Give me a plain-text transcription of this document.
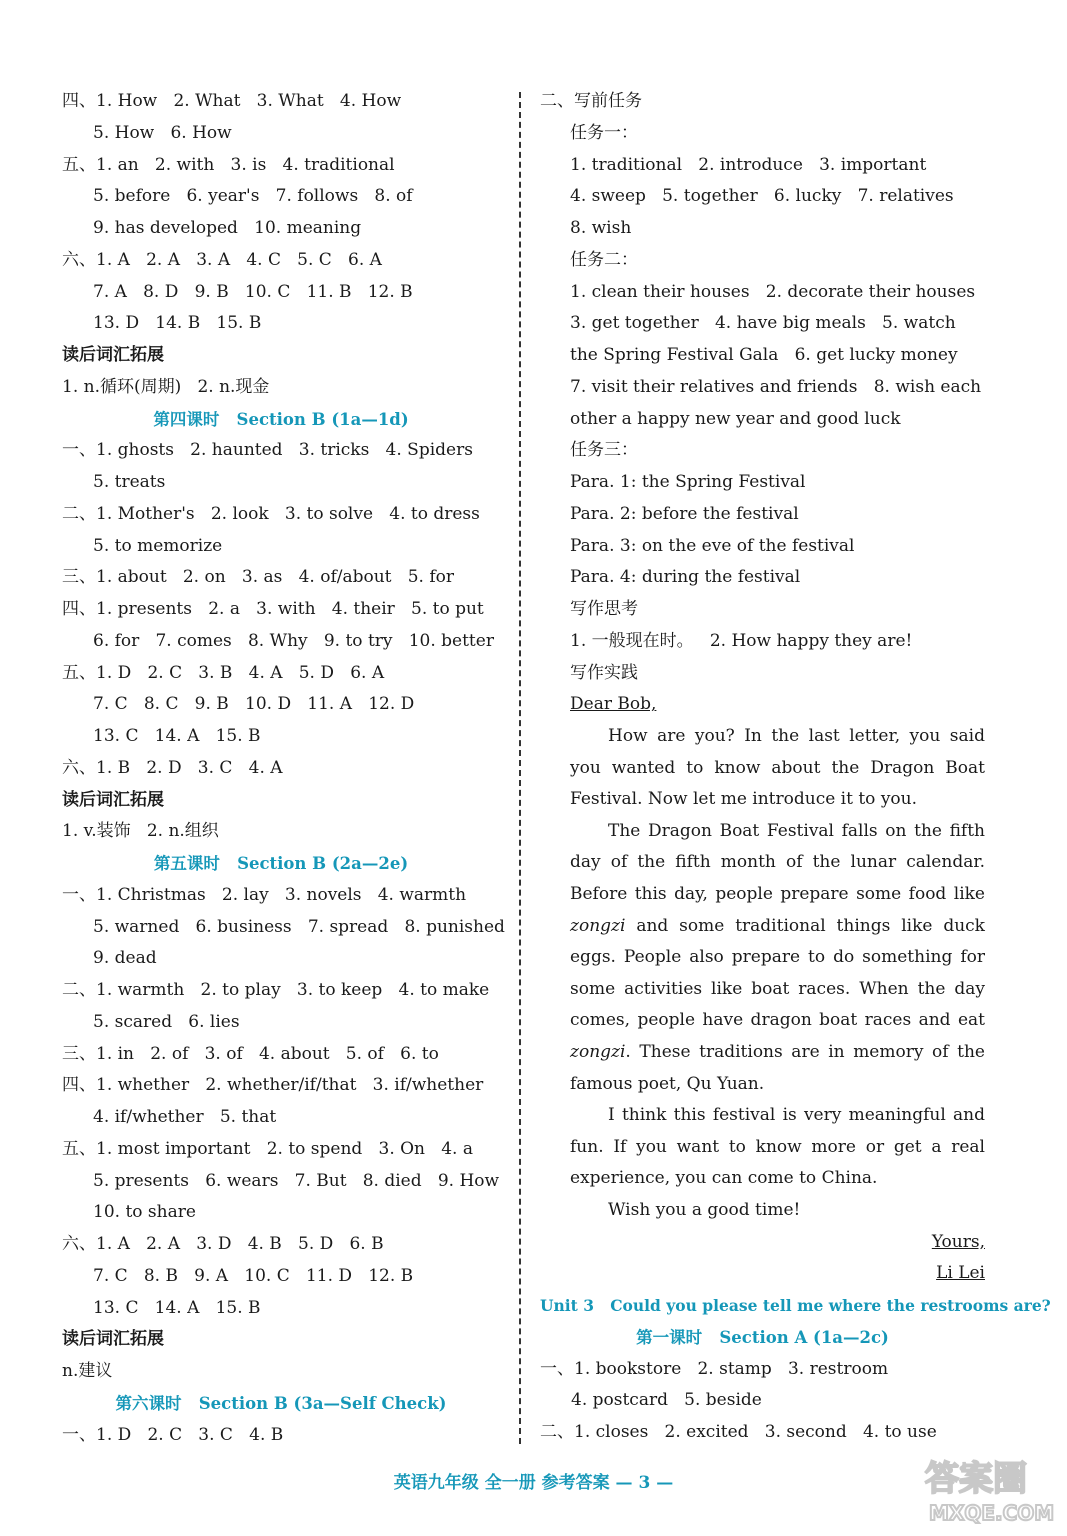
四、1. How   2. What   3. What   4. How
5. How   6. How
五、1. an   2. with   3. is   4. traditional
5. before   6. year's   7. follows   8. of
9. has developed   10. meaning
六、1. A   2. A   3. A   4. C   5. C   6. A
7. A   8. D   9. B   10. C   11. B   12. B
13. D   14. B   15. B
读后词汇拓展
1. n.循环(周期)   2. n.现金
第四课时   Section B (1a—1d)
一、1. ghosts   2. haunted   3. tricks   4. Spiders
5. treats
二、1. Mother's   2. look   3. to solve   4. to dress
5. to memorize
三、1. about   2. on   3. as   4. of/about   5. for
四、1. presents   2. a   3. with   4. their   5. to put
6. for   7. comes   8. Why   9. to try   10. better
五、1. D   2. C   3. B   4. A   5. D   6. A
7. C   8. C   9. B   10. D   11. A   12. D
13. C   14. A   15. B
六、1. B   2. D   3. C   4. A
读后词汇拓展
1. v.装饰   2. n.组织
第五课时   Section B (2a—2e)
一、1. Christmas   2. lay   3. novels   4. warmth
5. warned   6. business   7. spread   8. punished
9. dead
二、1. warmth   2. to play   3. to keep   4. to make
5. scared   6. lies
三、1. in   2. of   3. of   4. about   5. of   6. to
四、1. whether   2. whether/if/that   3. if/whether
4. if/whether   5. that
五、1. most important   2. to spend   3. On   4. a
5. presents   6. wears   7. But   8. died   9. How
10. to share
六、1. A   2. A   3. D   4. B   5. D   6. B
7. C   8. B   9. A   10. C   11. D   12. B
13. C   14. A   15. B
读后词汇拓展
n.建议
第六课时   Section B (3a—Self Check)
一、1. D   2. C   3. C   4. B
二、写前任务
任务一：
1. traditional   2. introduce   3. important
4. sweep   5. together   6. lucky   7. relatives
8. wish
任务二：
1. clean their houses   2. decorate their houses
3. get together   4. have big meals   5. watch
the Spring Festival Gala   6. get lucky money
7. visit their relatives and friends   8. wish each
other a happy new year and good luck
任务三：
Para. 1: the Spring Festival
Para. 2: before the festival
Para. 3: on the eve of the festival
Para. 4: during the festival
写作思考
1. 一般现在时。   2. How happy they are!
写作实践
Dear Bob,

How are you? In the last letter, you said you wanted to know about the Dragon Boat Festival. Now let me introduce it to you.

The Dragon Boat Festival falls on the fifth day of the fifth month of the lunar calendar. Before this day, people prepare some food like zongzi and some traditional things like duck eggs. People also prepare to do something for some activities like boat races. When the day comes, people have dragon boat races and eat zongzi. These traditions are in memory of the famous poet, Qu Yuan.

I think this festival is very meaningful and fun. If you want to know more or get a real experience, you can come to China.

Wish you a good time!

Yours,
Li Lei
Unit 3   Could you please tell me where the restrooms are?
第一课时   Section A (1a—2c)
一、1. bookstore   2. stamp   3. restroom
4. postcard   5. beside
二、1. closes   2. excited   3. second   4. to use
英语九年级 全一册 参考答案 — 3 —	答案圈
MXQE.COM
